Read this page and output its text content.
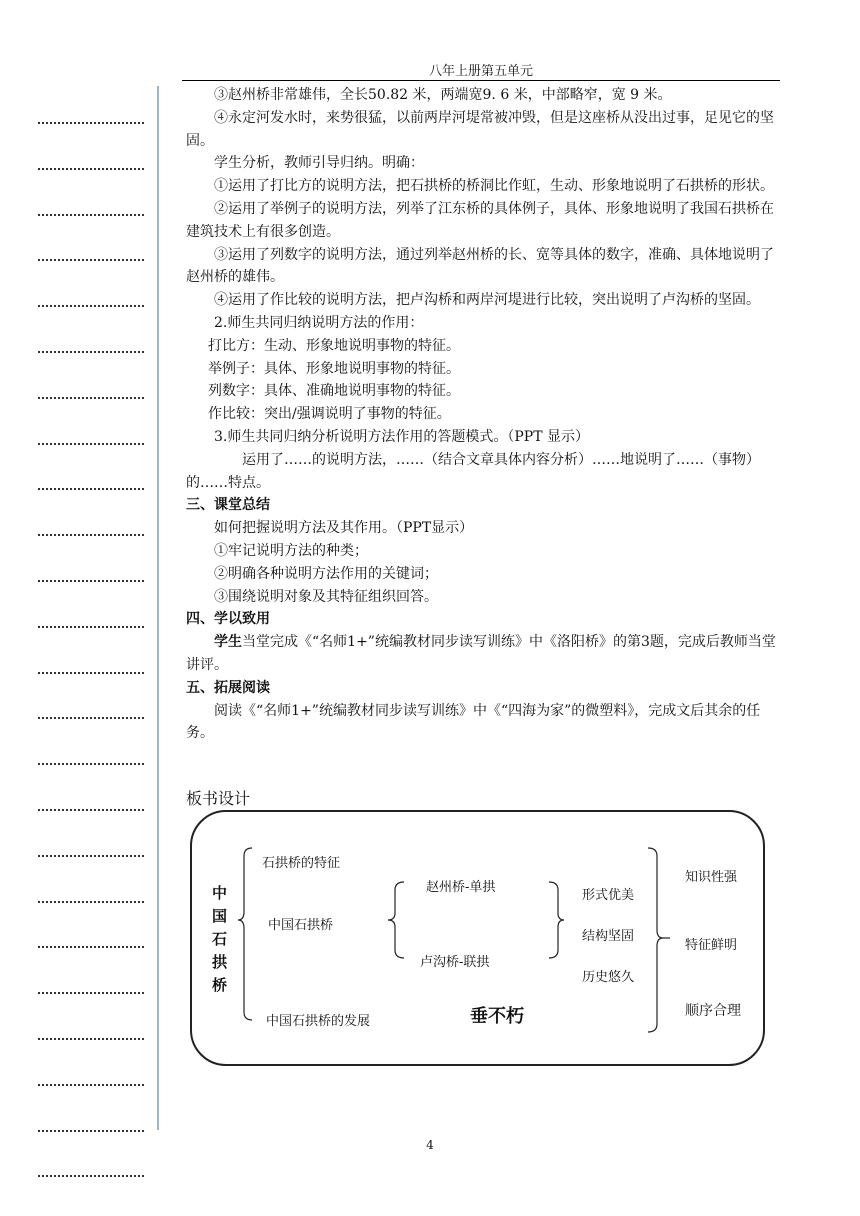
八年上册第五单元

③赵州桥非常雄伟，全长50.82 米，两端宽9. 6 米，中部略窄，宽 9 米。

④永定河发水时，来势很猛，以前两岸河堤常被冲毁，但是这座桥从没出过事，足见它的坚固。

学生分析，教师引导归纳。明确：

①运用了打比方的说明方法，把石拱桥的桥洞比作虹，生动、形象地说明了石拱桥的形状。

②运用了举例子的说明方法，列举了江东桥的具体例子，具体、形象地说明了我国石拱桥在建筑技术上有很多创造。

③运用了列数字的说明方法，通过列举赵州桥的长、宽等具体的数字，准确、具体地说明了赵州桥的雄伟。

④运用了作比较的说明方法，把卢沟桥和两岸河堤进行比较，突出说明了卢沟桥的坚固。

2.师生共同归纳说明方法的作用：

打比方：生动、形象地说明事物的特征。

举例子：具体、形象地说明事物的特征。

列数字：具体、准确地说明事物的特征。

作比较：突出/强调说明了事物的特征。

3.师生共同归纳分析说明方法作用的答题模式。（PPT 显示）

运用了……的说明方法，……（结合文章具体内容分析）……地说明了……（事物）的……特点。

三、课堂总结

如何把握说明方法及其作用。（PPT显示）

①牢记说明方法的种类；

②明确各种说明方法作用的关键词；

③围绕说明对象及其特征组织回答。

四、学以致用

学生当堂完成《“名师1+”统编教材同步读写训练》中《洛阳桥》的第3题，完成后教师当堂讲评。

五、拓展阅读

阅读《“名师1+”统编教材同步读写训练》中《“四海为家”的微塑料》，完成文后其余的任务。

板书设计
中
国
石
拱
桥
石拱桥的特征
中国石拱桥
中国石拱桥的发展
赵州桥-单拱
卢沟桥-联拱
形式优美
结构坚固
历史悠久
知识性强
特征鲜明
顺序合理
垂不朽
4
